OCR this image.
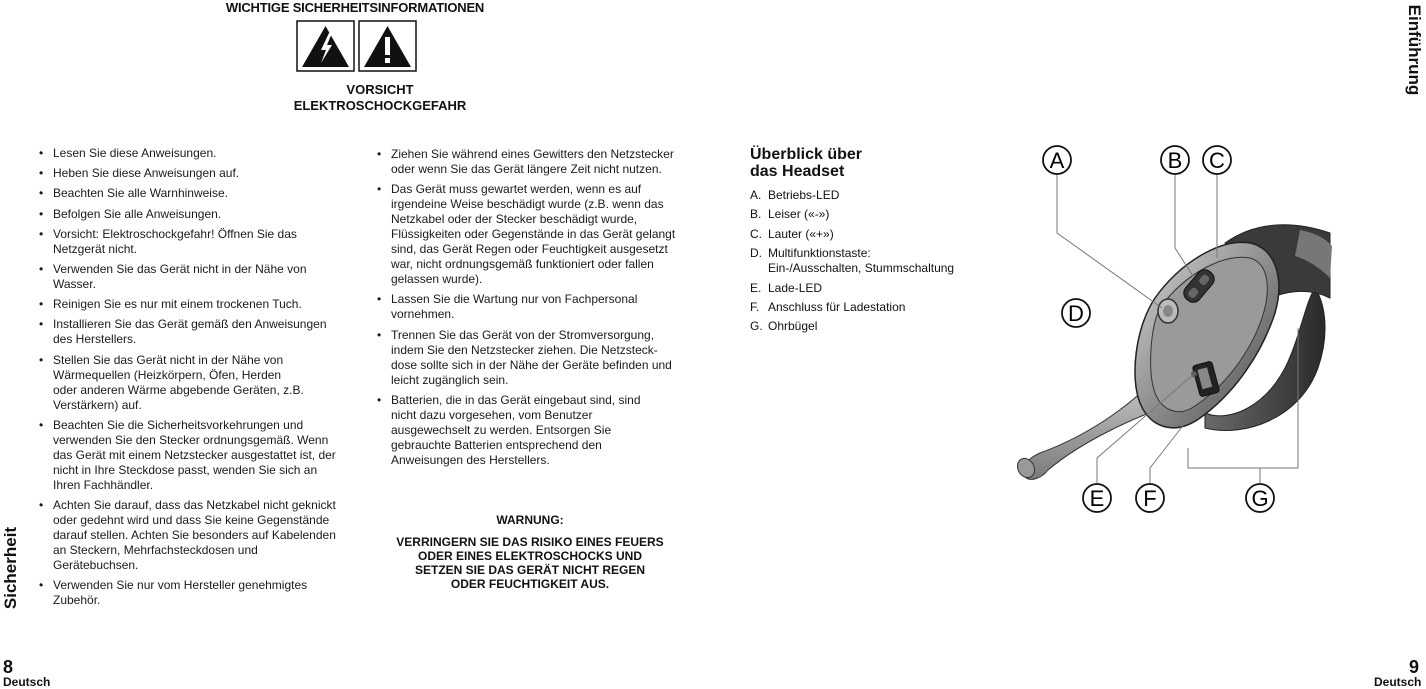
WICHTIGE SICHERHEITSINFORMATIONEN
VORSICHT
ELEKTROSCHOCKGEFAHR
Sicherheit
• Lesen Sie diese Anweisungen.
• Heben Sie diese Anweisungen auf.
• Beachten Sie alle Warnhinweise.
• Befolgen Sie alle Anweisungen.
• Vorsicht: Elektroschockgefahr! Öffnen Sie das Netzgerät nicht.
• Verwenden Sie das Gerät nicht in der Nähe von Wasser.
• Reinigen Sie es nur mit einem trockenen Tuch.
• Installieren Sie das Gerät gemäß den Anweisungen des Herstellers.
• Stellen Sie das Gerät nicht in der Nähe von Wärmequellen (Heizkörpern, Öfen, Herden oder anderen Wärme abgebende Geräten, z.B. Verstärkern) auf.
• Beachten Sie die Sicherheitsvorkehrungen und verwenden Sie den Stecker ordnungsgemäß. Wenn das Gerät mit einem Netzstecker ausgestattet ist, der nicht in Ihre Steckdose passt, wenden Sie sich an Ihren Fachhändler.
• Achten Sie darauf, dass das Netzkabel nicht geknickt oder gedehnt wird und dass Sie keine Gegenstände darauf stellen. Achten Sie besonders auf Kabelenden an Steckern, Mehrfachsteckdosen und Gerätebuchsen.
• Verwenden Sie nur vom Hersteller genehmigtes Zubehör.
• Ziehen Sie während eines Gewitters den Netzstecker oder wenn Sie das Gerät längere Zeit nicht nutzen.
• Das Gerät muss gewartet werden, wenn es auf irgendeine Weise beschädigt wurde (z.B. wenn das Netzkabel oder der Stecker beschädigt wurde, Flüssigkeiten oder Gegenstände in das Gerät gelangt sind, das Gerät Regen oder Feuchtigkeit ausgesetzt war, nicht ordnungsgemäß funktioniert oder fallen gelassen wurde).
• Lassen Sie die Wartung nur von Fachpersonal vornehmen.
• Trennen Sie das Gerät von der Stromversorgung, indem Sie den Netzstecker ziehen. Die Netzsteck-dose sollte sich in der Nähe der Geräte befinden und leicht zugänglich sein.
• Batterien, die in das Gerät eingebaut sind, sind nicht dazu vorgesehen, vom Benutzer ausgewechselt zu werden. Entsorgen Sie gebrauchte Batterien entsprechend den Anweisungen des Herstellers.
WARNUNG:
VERRINGERN SIE DAS RISIKO EINES FEUERS
ODER EINES ELEKTROSCHOCKS UND
SETZEN SIE DAS GERÄT NICHT REGEN
ODER FEUCHTIGKEIT AUS.
8
Deutsch
Einführung
Überblick über
das Headset
A. Betriebs-LED
B. Leiser («-»)
C. Lauter («+»)
D. Multifunktionstaste:
Ein-/Ausschalten, Stummschaltung
E. Lade-LED
F. Anschluss für Ladestation
G. Ohrbügel
A	B C
D
E F	G
9
Deutsch
